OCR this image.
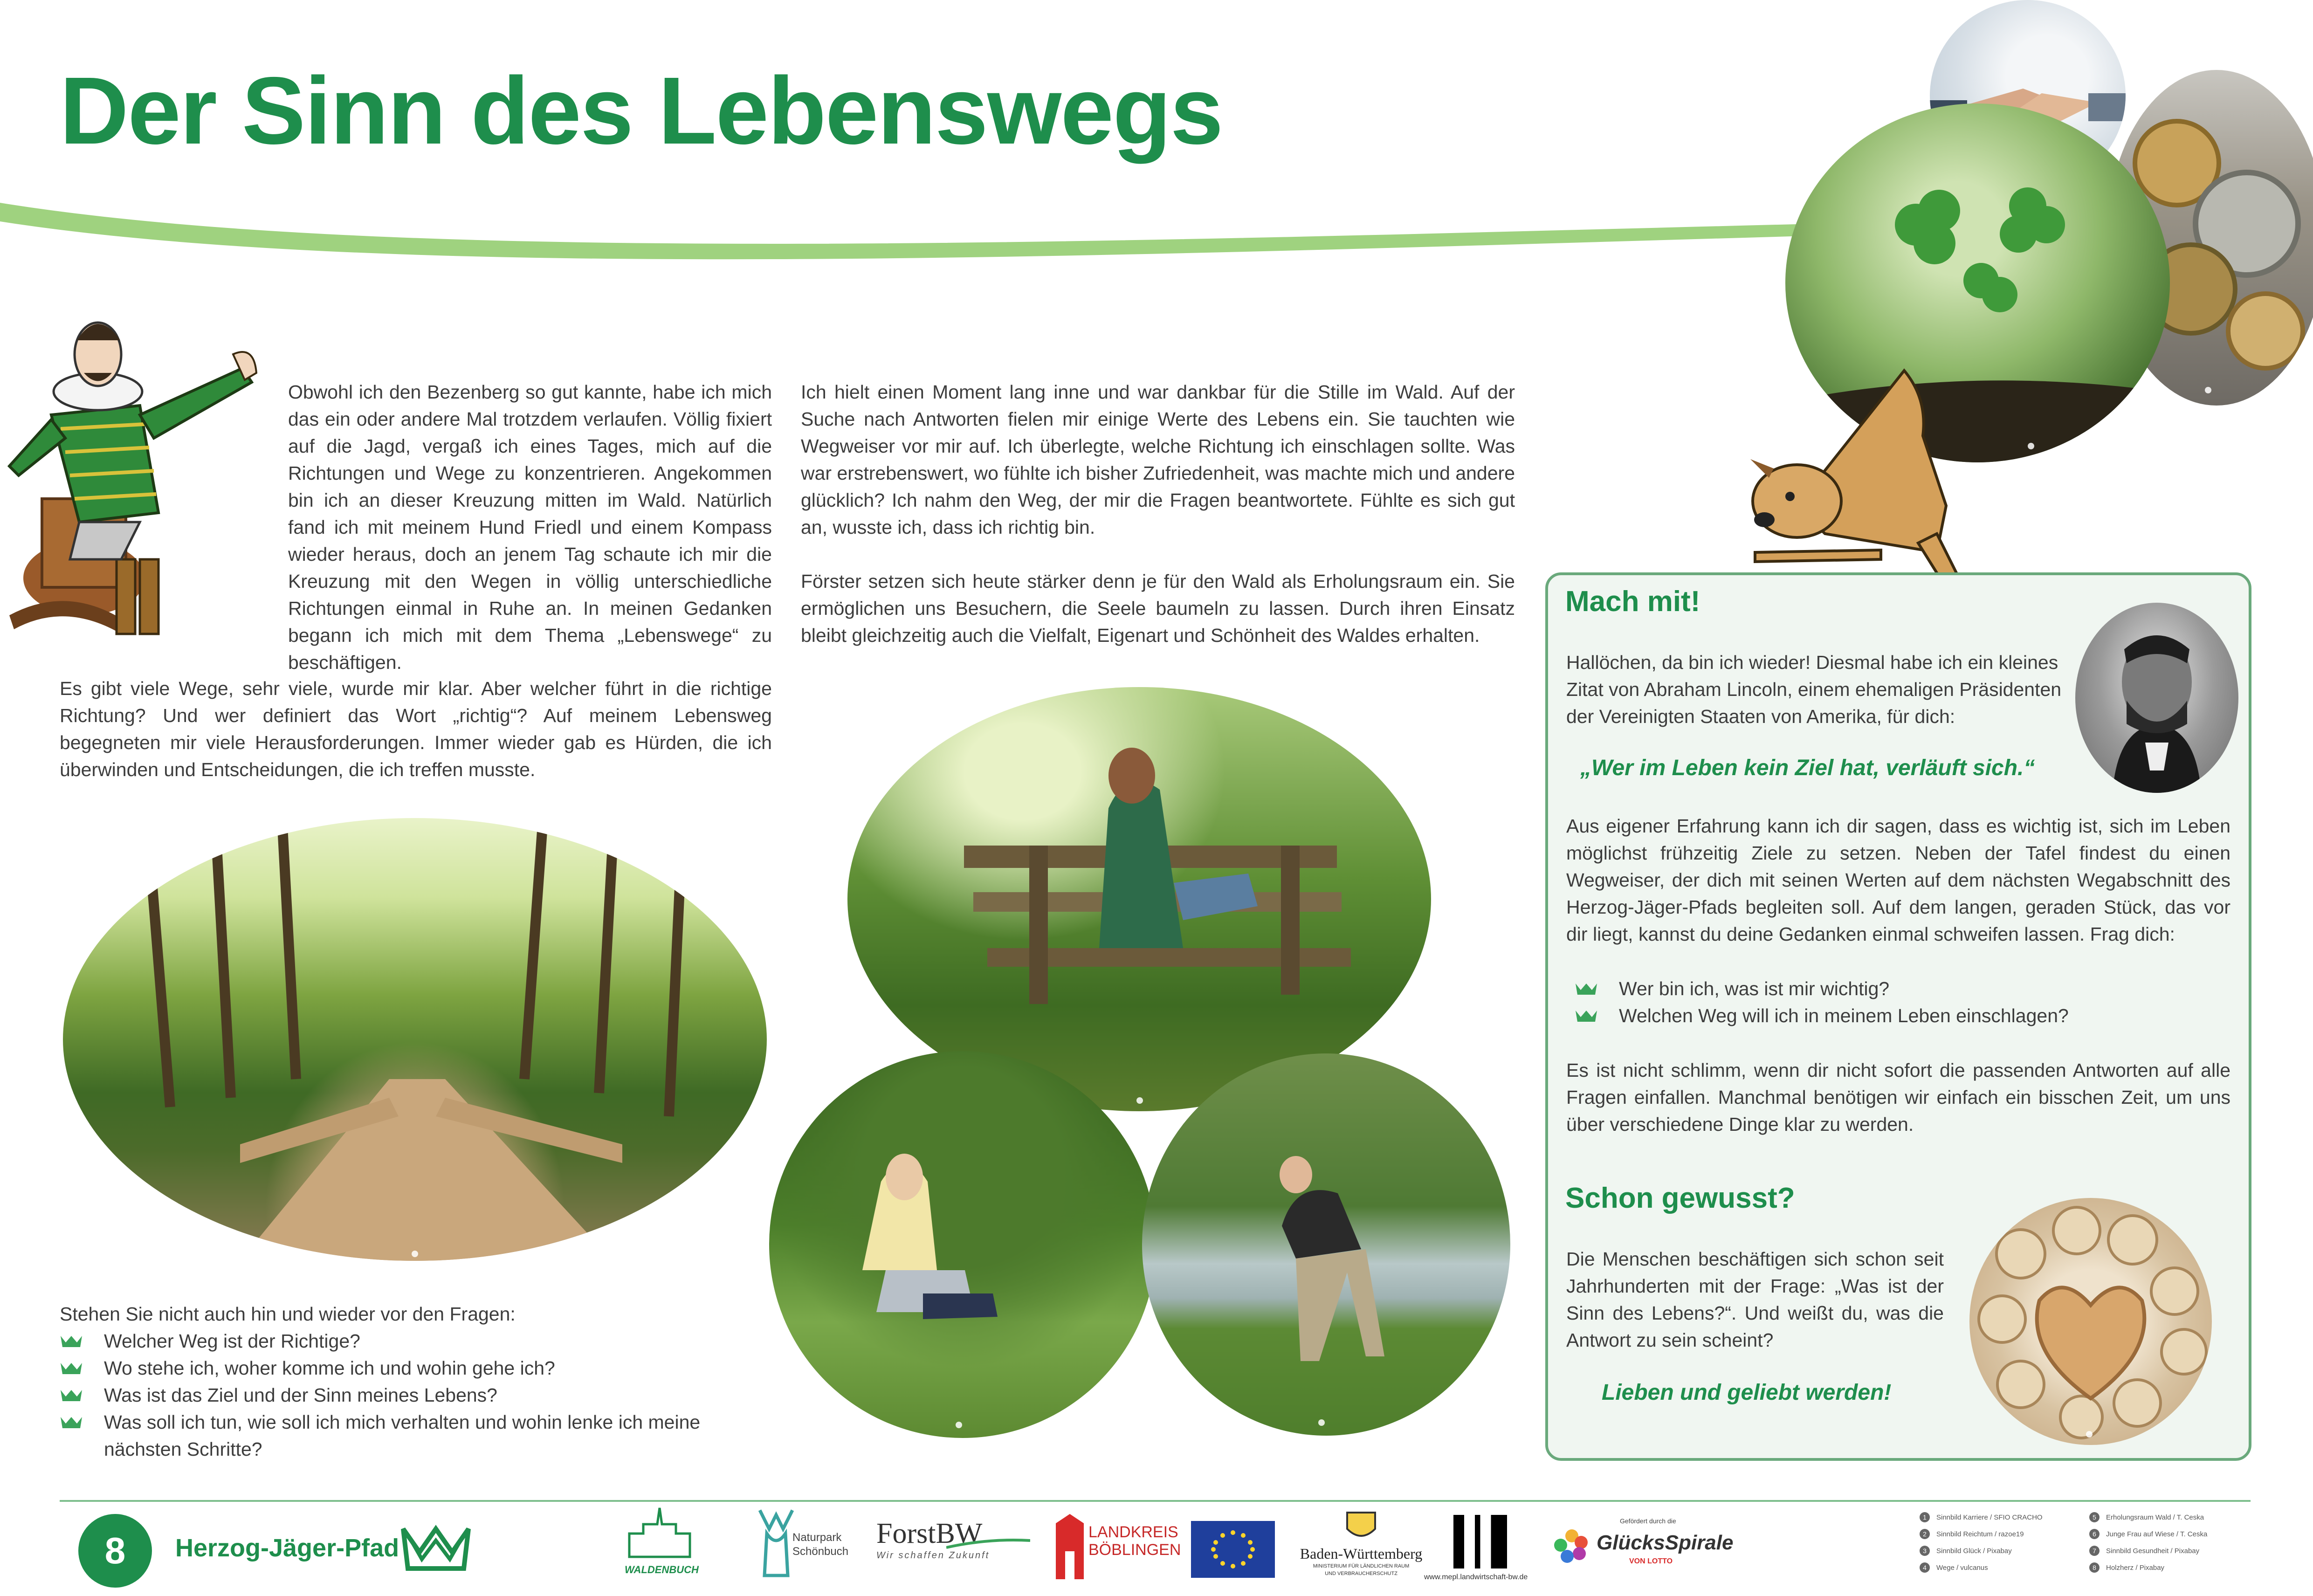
Der Sinn des Lebenswegs

Obwohl ich den Bezenberg so gut kannte, habe ich mich das ein oder andere Mal trotzdem verlaufen. Völlig fixiert auf die Jagd, vergaß ich eines Tages, mich auf die Richtungen und Wege zu konzentrieren. Angekommen bin ich an dieser Kreuzung mitten im Wald. Natürlich fand ich mit meinem Hund Friedl und einem Kompass wieder heraus, doch an jenem Tag schaute ich mir die Kreuzung mit den Wegen in völlig unterschiedliche Richtungen einmal in Ruhe an. In meinen Gedanken begann ich mich mit dem Thema „Lebenswege“ zu beschäftigen.

Es gibt viele Wege, sehr viele, wurde mir klar. Aber welcher führt in die richtige Richtung? Und wer definiert das Wort „richtig“? Auf meinem Lebensweg begegneten mir viele Herausforderungen. Immer wieder gab es Hürden, die ich überwinden und Entscheidungen, die ich treffen musste.

Ich hielt einen Moment lang inne und war dankbar für die Stille im Wald. Auf der Suche nach Antworten fielen mir einige Werte des Lebens ein. Sie tauchten wie Wegweiser vor mir auf. Ich überlegte, welche Richtung ich einschlagen sollte. Was war erstrebenswert, wo fühlte ich bisher Zufriedenheit, was machte mich und andere glücklich? Ich nahm den Weg, der mir die Fragen beantwortete. Fühlte es sich gut an, wusste ich, dass ich richtig bin.

Förster setzen sich heute stärker denn je für den Wald als Erholungsraum ein. Sie ermöglichen uns Besuchern, die Seele baumeln zu lassen. Durch ihren Einsatz bleibt gleichzeitig auch die Vielfalt, Eigenart und Schönheit des Waldes erhalten.

Stehen Sie nicht auch hin und wieder vor den Fragen:
Welcher Weg ist der Richtige?
Wo stehe ich, woher komme ich und wohin gehe ich?
Was ist das Ziel und der Sinn meines Lebens?
Was soll ich tun, wie soll ich mich verhalten und wohin lenke ich meine nächsten Schritte?
Mach mit!
Hallöchen, da bin ich wieder! Diesmal habe ich ein kleines Zitat von Abraham Lincoln, einem ehemaligen Präsidenten der Vereinigten Staaten von Amerika, für dich:
„Wer im Leben kein Ziel hat, verläuft sich.“
Aus eigener Erfahrung kann ich dir sagen, dass es wichtig ist, sich im Leben möglichst frühzeitig Ziele zu setzen. Neben der Tafel findest du einen Wegweiser, der dich mit seinen Werten auf dem nächsten Wegabschnitt des Herzog-Jäger-Pfads begleiten soll. Auf dem langen, geraden Stück, das vor dir liegt, kannst du deine Gedanken einmal schweifen lassen. Frag dich:
Wer bin ich, was ist mir wichtig?
Welchen Weg will ich in meinem Leben einschlagen?
Es ist nicht schlimm, wenn dir nicht sofort die passenden Antworten auf alle Fragen einfallen. Manchmal benötigen wir einfach ein bisschen Zeit, um uns über verschiedene Dinge klar zu werden.
Schon gewusst?
Die Menschen beschäftigen sich schon seit Jahrhunderten mit der Frage: „Was ist der Sinn des Lebens?“. Und weißt du, was die Antwort zu sein scheint?
Lieben und geliebt werden!
8	Herzog-Jäger-Pfad
WALDENBUCH
Naturpark
Schönbuch
ForstBW
Wir schaffen Zukunft
LANDKREIS
BÖBLINGEN	Baden-Württemberg
MINISTERIUM FÜR LÄNDLICHEN RAUM UND VERBRAUCHERSCHUTZ	www.mepl.landwirtschaft-bw.de
Gefördert durch die
GlücksSpirale
VON LOTTO
1 Sinnbild Karriere / SFIO CRACHO
2 Sinnbild Reichtum / razoe19
3 Sinnbild Glück / Pixabay
4 Wege / vulcanus
5 Erholungsraum Wald / T. Ceska
6 Junge Frau auf Wiese / T. Ceska
7 Sinnbild Gesundheit / Pixabay
8 Holzherz / Pixabay
